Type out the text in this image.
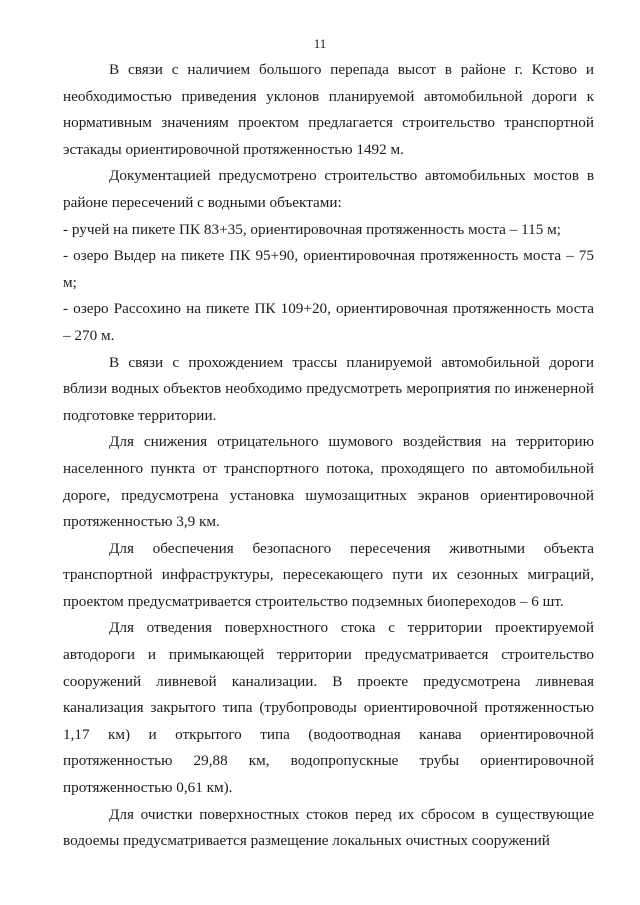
11

В связи с наличием большого перепада высот в районе г. Кстово и необходимостью приведения уклонов планируемой автомобильной дороги к нормативным значениям проектом предлагается строительство транспортной эстакады ориентировочной протяженностью 1492 м.

Документацией предусмотрено строительство автомобильных мостов в районе пересечений с водными объектами:

- ручей на пикете ПК 83+35, ориентировочная протяженность моста – 115 м;

- озеро Выдер на пикете ПК 95+90, ориентировочная протяженность моста – 75 м;

- озеро Рассохино на пикете ПК 109+20, ориентировочная протяженность моста – 270 м.

В связи с прохождением трассы планируемой автомобильной дороги вблизи водных объектов необходимо предусмотреть мероприятия по инженерной подготовке территории.

Для снижения отрицательного шумового воздействия на территорию населенного пункта от транспортного потока, проходящего по автомобильной дороге, предусмотрена установка шумозащитных экранов ориентировочной протяженностью 3,9 км.

Для обеспечения безопасного пересечения животными объекта транспортной инфраструктуры, пересекающего пути их сезонных миграций, проектом предусматривается строительство подземных биопереходов – 6 шт.

Для отведения поверхностного стока с территории проектируемой автодороги и примыкающей территории предусматривается строительство сооружений ливневой канализации. В проекте предусмотрена ливневая канализация закрытого типа (трубопроводы ориентировочной протяженностью 1,17 км) и открытого типа (водоотводная канава ориентировочной протяженностью 29,88 км, водопропускные трубы ориентировочной протяженностью 0,61 км).

Для очистки поверхностных стоков перед их сбросом в существующие водоемы предусматривается размещение локальных очистных сооружений
